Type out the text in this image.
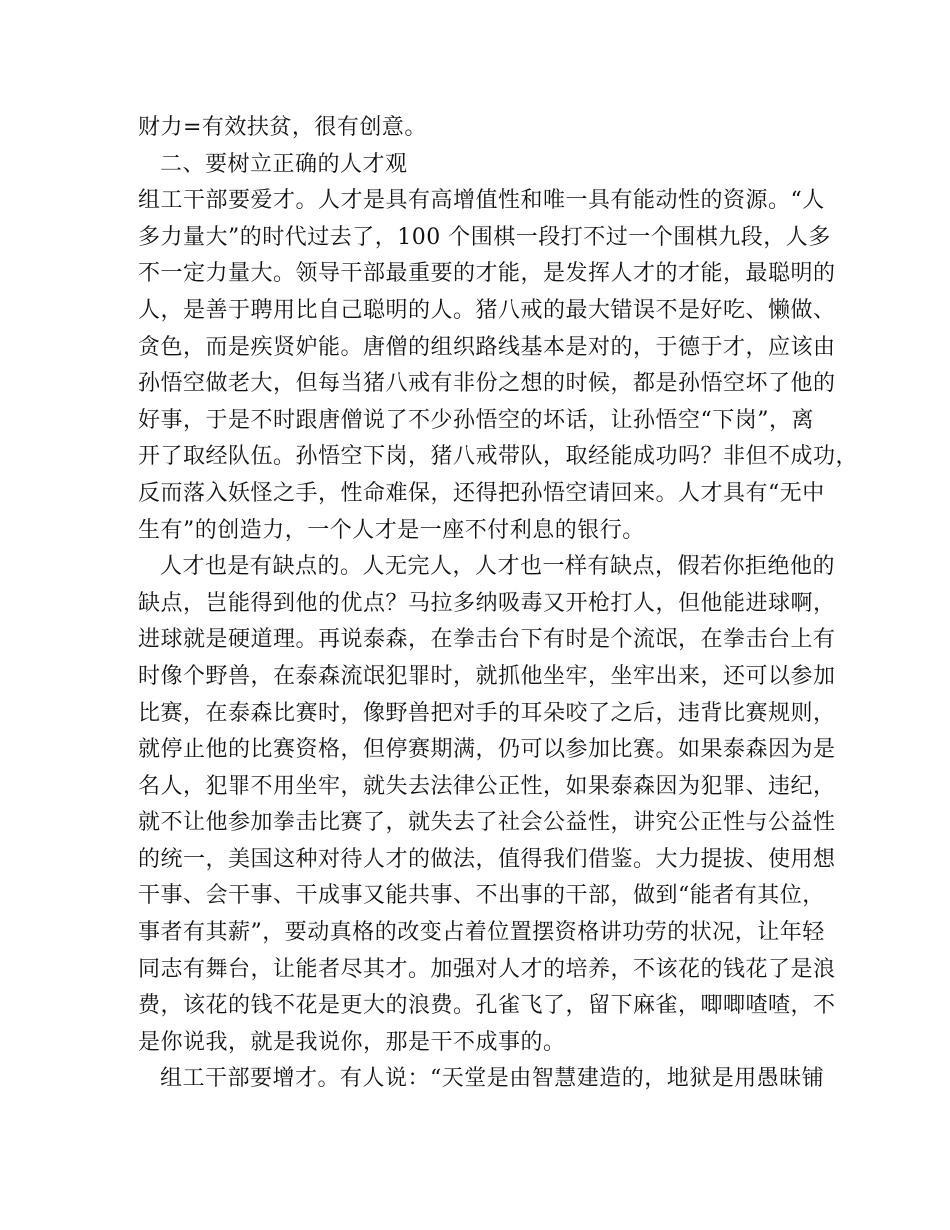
财力=有效扶贫，很有创意。
二、要树立正确的人才观
组工干部要爱才。人才是具有高增值性和唯一具有能动性的资源。“人
多力量大”的时代过去了，100 个围棋一段打不过一个围棋九段，人多
不一定力量大。领导干部最重要的才能，是发挥人才的才能，最聪明的
人，是善于聘用比自己聪明的人。猪八戒的最大错误不是好吃、懒做、
贪色，而是疾贤妒能。唐僧的组织路线基本是对的，于德于才，应该由
孙悟空做老大，但每当猪八戒有非份之想的时候，都是孙悟空坏了他的
好事，于是不时跟唐僧说了不少孙悟空的坏话，让孙悟空“下岗”，离
开了取经队伍。孙悟空下岗，猪八戒带队，取经能成功吗？非但不成功，
反而落入妖怪之手，性命难保，还得把孙悟空请回来。人才具有“无中
生有”的创造力，一个人才是一座不付利息的银行。
人才也是有缺点的。人无完人，人才也一样有缺点，假若你拒绝他的
缺点，岂能得到他的优点？马拉多纳吸毒又开枪打人，但他能进球啊，
进球就是硬道理。再说泰森，在拳击台下有时是个流氓，在拳击台上有
时像个野兽，在泰森流氓犯罪时，就抓他坐牢，坐牢出来，还可以参加
比赛，在泰森比赛时，像野兽把对手的耳朵咬了之后，违背比赛规则，
就停止他的比赛资格，但停赛期满，仍可以参加比赛。如果泰森因为是
名人，犯罪不用坐牢，就失去法律公正性，如果泰森因为犯罪、违纪，
就不让他参加拳击比赛了，就失去了社会公益性，讲究公正性与公益性
的统一，美国这种对待人才的做法，值得我们借鉴。大力提拔、使用想
干事、会干事、干成事又能共事、不出事的干部，做到“能者有其位，
事者有其薪”，要动真格的改变占着位置摆资格讲功劳的状况，让年轻
同志有舞台，让能者尽其才。加强对人才的培养，不该花的钱花了是浪
费，该花的钱不花是更大的浪费。孔雀飞了，留下麻雀，唧唧喳喳，不
是你说我，就是我说你，那是干不成事的。
组工干部要增才。有人说：“天堂是由智慧建造的，地狱是用愚昧铺
